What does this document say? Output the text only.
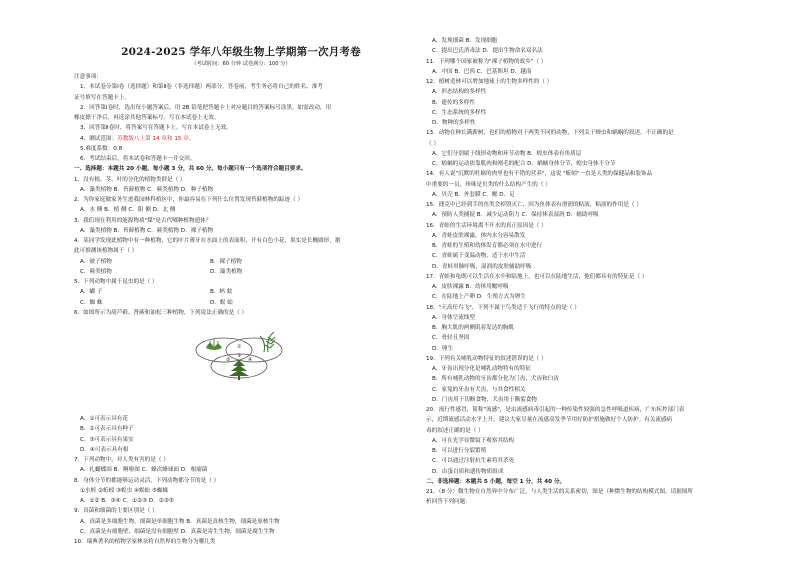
2024-2025 学年八年级生物上学期第一次月考卷
（考试时间：60 分钟 试卷满分：100 分）
注意事项：
1．本试卷分第Ⅰ卷（选择题）和第Ⅱ卷（非选择题）两部分。答卷前，考生务必将自己的姓名、准考
证号填写在答题卡上。
2．回答第Ⅰ卷时，选出每小题答案后，用 2B 铅笔把答题卡上对应题目的答案标号涂黑。如需改动，用
橡皮擦干净后，再选涂其他答案标号。写在本试卷上无效。
3．回答第Ⅱ卷时，将答案写在答题卡上。写在本试卷上无效。
4．测试范围：苏教版八上第 14 章和 15 章。
5.难度系数：0.8
6．考试结束后，将本试卷和答题卡一并交回。
一、选择题：本题共 20 小题，每小题 3 分，共 60 分。每小题只有一个选项符合题目要求。
1．没有根、茎、叶的分化的植物类群是（ ）
A．藻类植物 B．苔藓植物 C．蕨类植物 D．种子植物
2．为你家庭做家务生进我园林科植区中，你最容易在下列什么位置发现苔藓植物的踪迹（ ）
A．水 侧 B．植 侧 C．阳 侧 D．北 侧
3．我们现在利用的能源物质"煤"是古代哪种植物遗体？
A．藻类植物 B．苔藓植物 C．蕨类植物 D．裸子植物
4．某同学发现此植物中有一种植物，它的叶片薄牙在水面上的表面积，开有白色小花，果实是长椭圆形，据
此可推测该植物属于（ ）
A．被子植物	B．裸子植物
C．蕨类植物	D．藻类植物
5．下列动物中属于昆虫的是（ ）
A．蝴 子	B．蚂 蚁
C．蜘 蛛	D．蜈 蚣
6．如图所示为葫芦藓、肾蕨和油松三种植物，下列说法正确的是（ ）
①
②
③
④
A．①可表示具有花
B．②可表示具有种子
C．③可表示具有果实
D．④可表示具有根
7．下列动物中，对人类有害的是（ ）
A．扎蝴蝶围 B．啊啦图 C．蜂次蜂球面 D．根瘤菌
8．身体分节的都能够运动灵活，下列动物都分节的是（ ）
①水蛭 ②蚯蚓 ③蝗虫 ④蜈蚣 ⑤蜘蛛
A．①② B．③④ C．①②③ D．②③⑤
9．真菌和细菌的主要区别是（ ）
A．真菌是多细胞生物，细菌是单细胞生物 B．真菌是真核生物，细菌是原核生物
C．真菌是有细胞壁，细菌是没有细胞壁 D．真菌是寄生生物，细菌是腐生生物
10．瑞典著名的植物学家林奈将自然界的生物分为哪几类
A．发现细菌 B．发现细胞
C．提出巴氏消毒法 D．提出生物命名双名法
11．下列哪个国家被称为"裸子植物的故乡"（ ）
A．中国 B．巴西 C．巴基斯坦 D．越南
12．植树造林可以增加地球上的生物多样性的（ ）
A．形态结构的多样性
B．遗传的多样性
C．生态系统的多样性
D．物种的多样性
13．动物在种长满薪树，也们的植物对于两类不同的动物，下列关于蝉虫和蜗蜗的叙述，不正确的是
（ ）
A．它们分别属于线形动物和环节动物 B．蝗虫体表有角质层
C．蝗蛹的运动依靠肌肉和刚毛的配合 D．蜗蛹身体分节，蝗虫身体不分节
14．有人说"沉默的牡蛎的肉里也有不错的营养"，这说 "蚯蚓"一直是人类的保健品和装饰品
中重要的一员，珍珠是贝类的什么结构产生的（ ）
A．贝壳 B．外套膜 C．鳃 D．足
15．捷克中已经到手的鱼类会掉毁灭亡，因为鱼体表有滑润的粘液，粘液的作用是（ ）
A．预防人类捕捉 B．减少运动阻力 C．保持体表湿润 D．辅助呼吸
16．青蛙的生活环境离不开水的真正原因是（ ）
A．青蛙皮肤裸露，体内水分容易散发
B．青蛙的生殖和幼体发育都必须在水中进行
C．青蛙属于变温动物，适于水中生活
D．青蛙用肺呼吸，湿润的皮肤辅助呼吸
17．青蛙和龟既可以生活在水中和陆地上，也可以在陆地生活，他们都具有的特征是（ ）
A．皮肤裸露 B．幼体用鳃呼吸
C．在陆地上产卵 D．生殖方式为卵生
18．"天高任鸟飞"，下列不属于鸟类适于飞行的特点的是（ ）
A．身体呈流线型
B．胸大肌的两侧肌着发达的胸肌
C．骨轻且坚固
D．卵生
19．下列有关哺乳动物特征的叙述错误的是（ ）
A．牙齿出现分化是哺乳动物特有的特征
B．所有哺乳动物的牙齿都分化为门齿、犬齿和臼齿
C．家兔的牙齿有犬齿，与其食性相关
D．门齿用于切断食物，犬齿用于撕裂食物
20．流行性感冒，简称"流感"，是由流感病毒引起的一种传染性较强的急性呼吸道疾病，广东疾控部门表
示，近期流感活动水平上升，建议大家尽量在流感高发季节用好防护措施做好个人防护。有关流感病
毒的叙述正确的是（ ）
A．可在光学显微镜下观察其结构
B．可以进行分裂繁殖
C．可以通过注射抗生素将其杀死
D．由蛋白质和遗传物质组成
二、非选择题：本题共 5 小题，每空 1 分，共 40 分。
21．（8 分）微生物在自然界中分布广泛，与人类生活的关系密切，图是（种微生物的结构模式图，请据图所
析回答下列问题：
